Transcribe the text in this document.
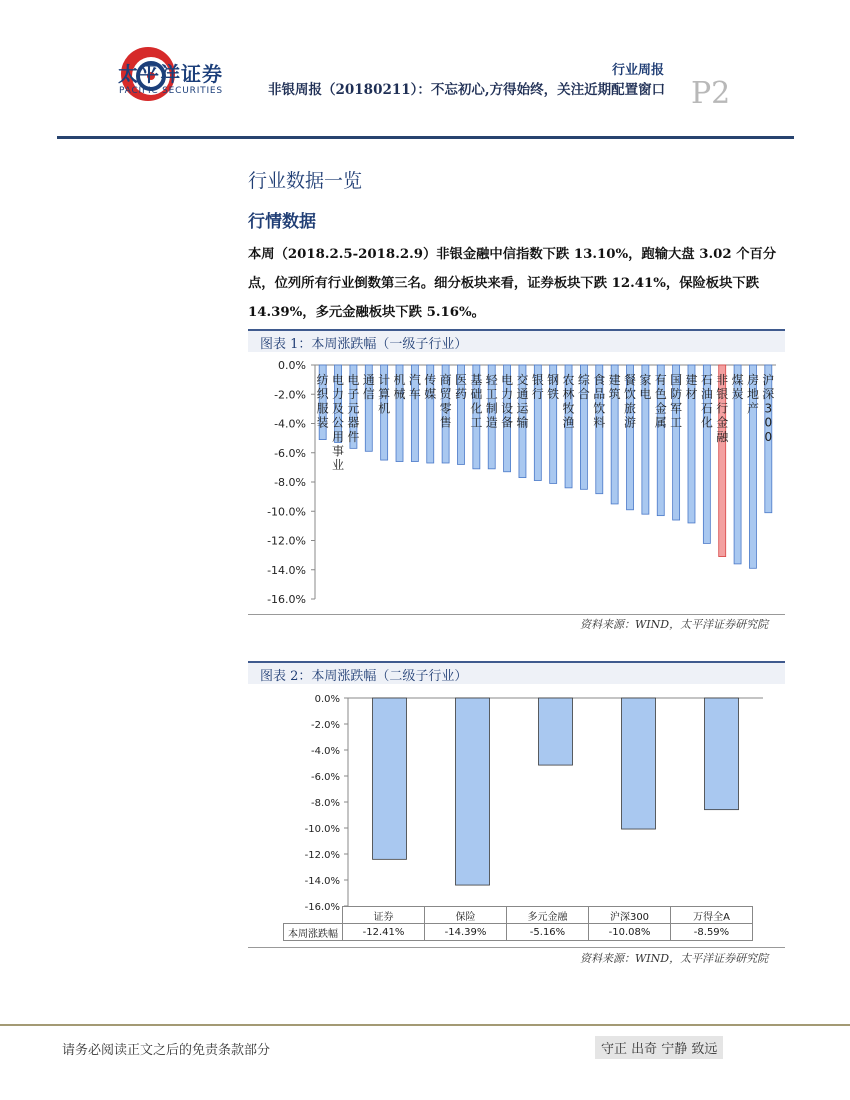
太平洋证券
PACIFIC SECURITIES
行业周报
非银周报（20180211）：不忘初心,方得始终，关注近期配置窗口 P2
行业数据一览
行情数据
本周（2018.2.5-2018.2.9）非银金融中信指数下跌 13.10%，跑输大盘 3.02 个百分点，位列所有行业倒数第三名。细分板块来看，证券板块下跌 12.41%，保险板块下跌 14.39%，多元金融板块下跌 5.16%。
图表 1：本周涨跌幅（一级子行业）
0.0%
-2.0%
-4.0%
-6.0%
-8.0%
-10.0%
-12.0%
-14.0%
-16.0%
纺
织
服
装
电
力
及
公
用
事
业
电
子
元
器
件
通
信
计
算
机
机
械
汽
车
传
媒
商
贸
零
售
医
药
基
础
化
工
轻
工
制
造
电
力
设
备
交
通
运
输
银
行
钢
铁
农
林
牧
渔
综
合
食
品
饮
料
建
筑
餐
饮
旅
游
家
电
有
色
金
属
国
防
军
工
建
材
石
油
石
化
非
银
行
金
融
煤
炭
房
地
产
沪
深
3
0
0
资料来源：WIND，太平洋证券研究院
图表 2：本周涨跌幅（二级子行业）
0.0%
-2.0%
-4.0%
-6.0%
-8.0%
-10.0%
-12.0%
-14.0%
-16.0%
	证券	保险	多元金融	沪深300	万得全A
本周涨跌幅	-12.41%	-14.39%	-5.16%	-10.08%	-8.59%
资料来源：WIND，太平洋证券研究院
请务必阅读正文之后的免责条款部分	守正 出奇 宁静 致远
